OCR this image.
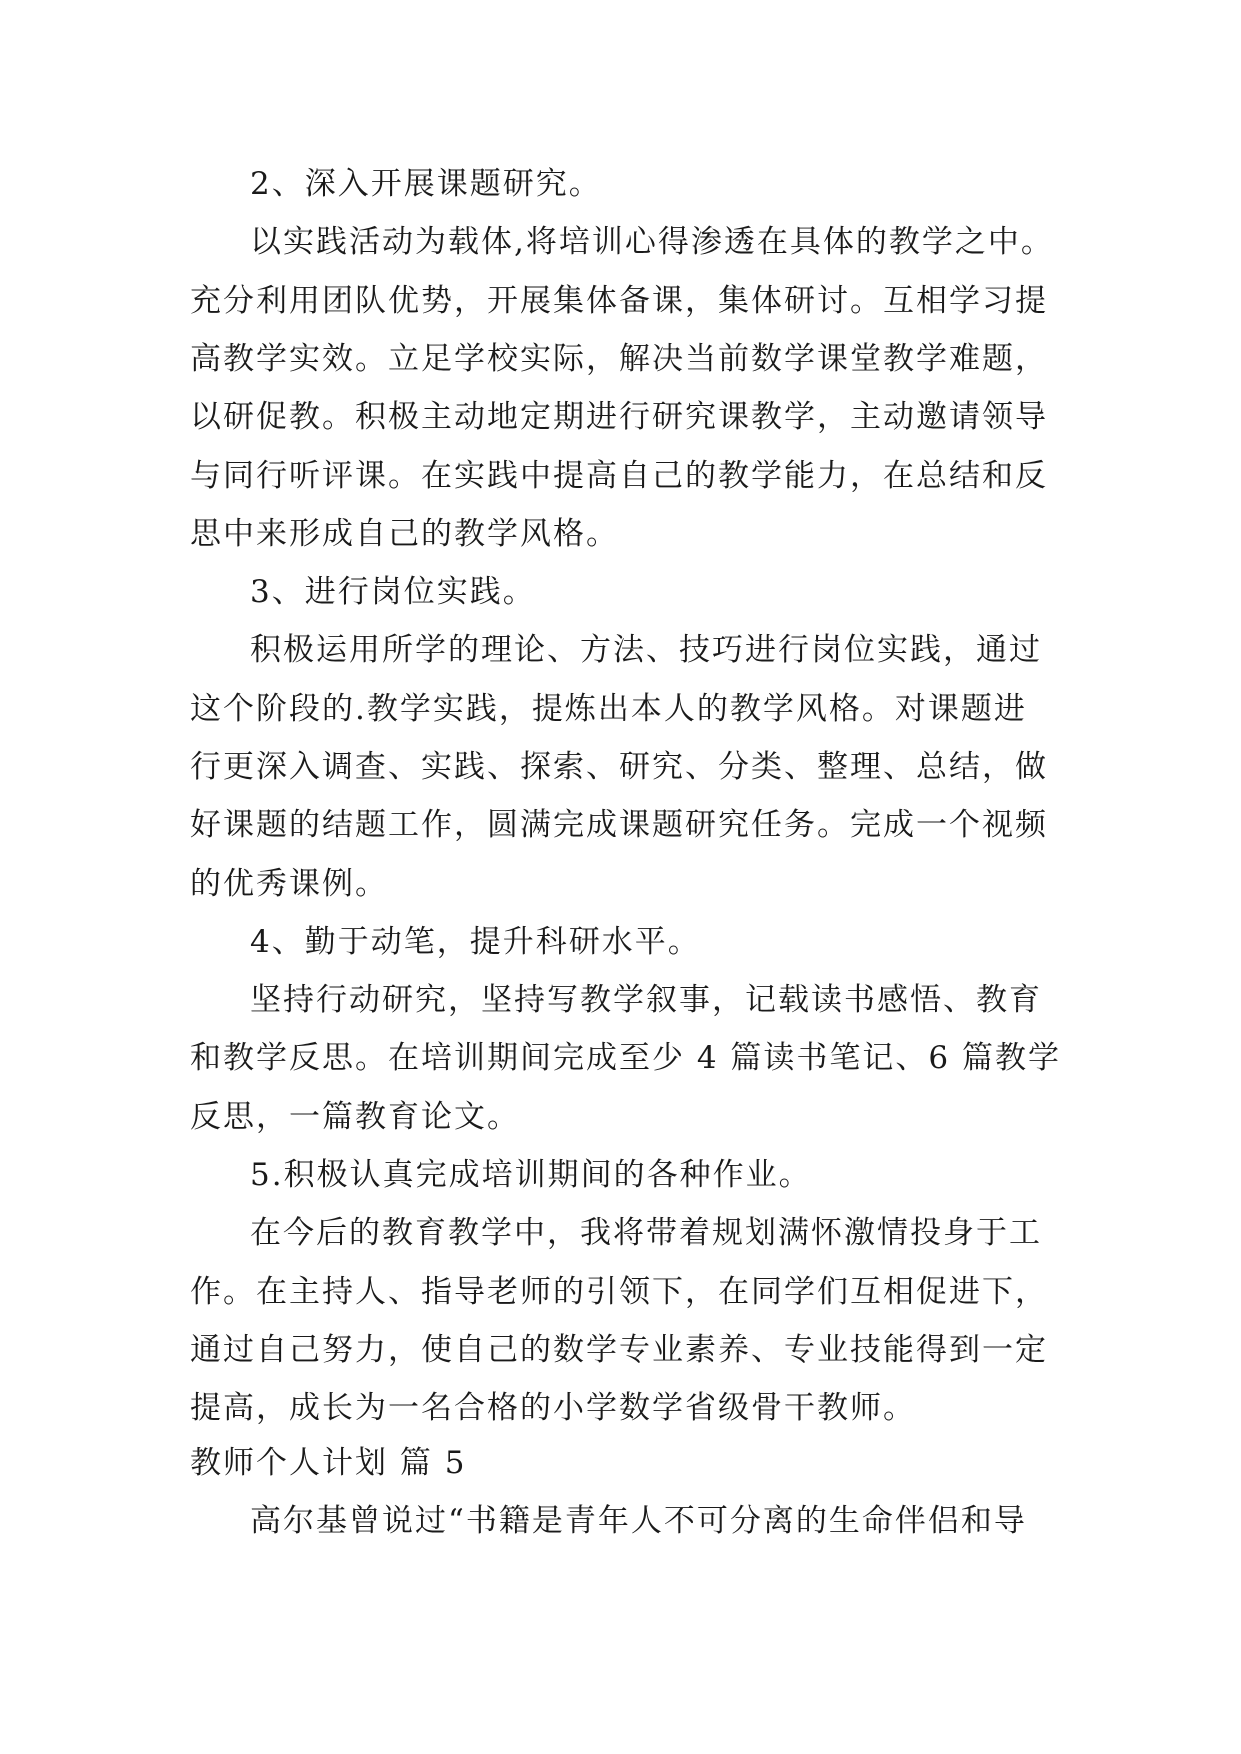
2、深入开展课题研究。
以实践活动为载体,将培训心得渗透在具体的教学之中。
充分利用团队优势，开展集体备课，集体研讨。互相学习提
高教学实效。立足学校实际，解决当前数学课堂教学难题，
以研促教。积极主动地定期进行研究课教学，主动邀请领导
与同行听评课。在实践中提高自己的教学能力，在总结和反
思中来形成自己的教学风格。
3、进行岗位实践。
积极运用所学的理论、方法、技巧进行岗位实践，通过
这个阶段的.教学实践，提炼出本人的教学风格。对课题进
行更深入调查、实践、探索、研究、分类、整理、总结，做
好课题的结题工作，圆满完成课题研究任务。完成一个视频
的优秀课例。
4、勤于动笔，提升科研水平。
坚持行动研究，坚持写教学叙事，记载读书感悟、教育
和教学反思。在培训期间完成至少 4 篇读书笔记、6 篇教学
反思，一篇教育论文。
5.积极认真完成培训期间的各种作业。
在今后的教育教学中，我将带着规划满怀激情投身于工
作。在主持人、指导老师的引领下，在同学们互相促进下，
通过自己努力，使自己的数学专业素养、专业技能得到一定
提高，成长为一名合格的小学数学省级骨干教师。
教师个人计划 篇 5
高尔基曾说过“书籍是青年人不可分离的生命伴侣和导
